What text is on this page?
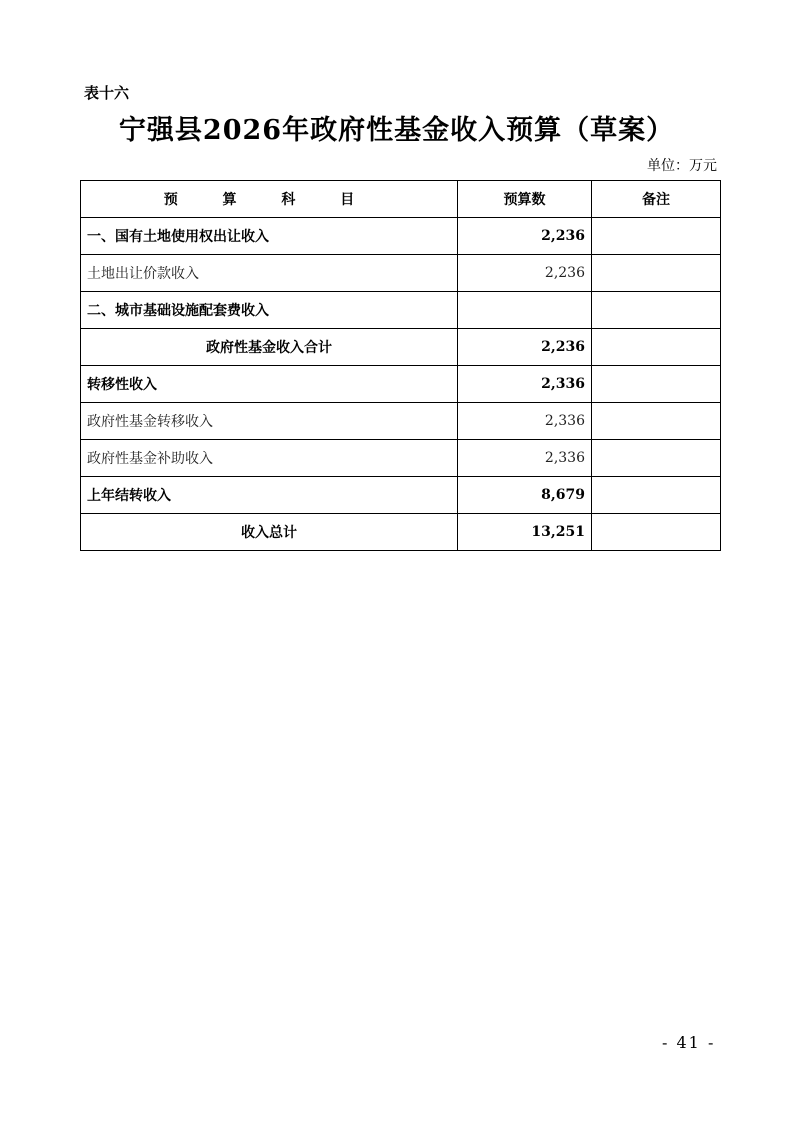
表十六
宁强县2026年政府性基金收入预算（草案）
单位：万元
预 算 科 目	预算数	备注
一、国有土地使用权出让收入	2,236	
土地出让价款收入	2,236	
二、城市基础设施配套费收入		
政府性基金收入合计	2,236	
转移性收入	2,336	
政府性基金转移收入	2,336	
政府性基金补助收入	2,336	
上年结转收入	8,679	
收入总计	13,251	
- 41 -
